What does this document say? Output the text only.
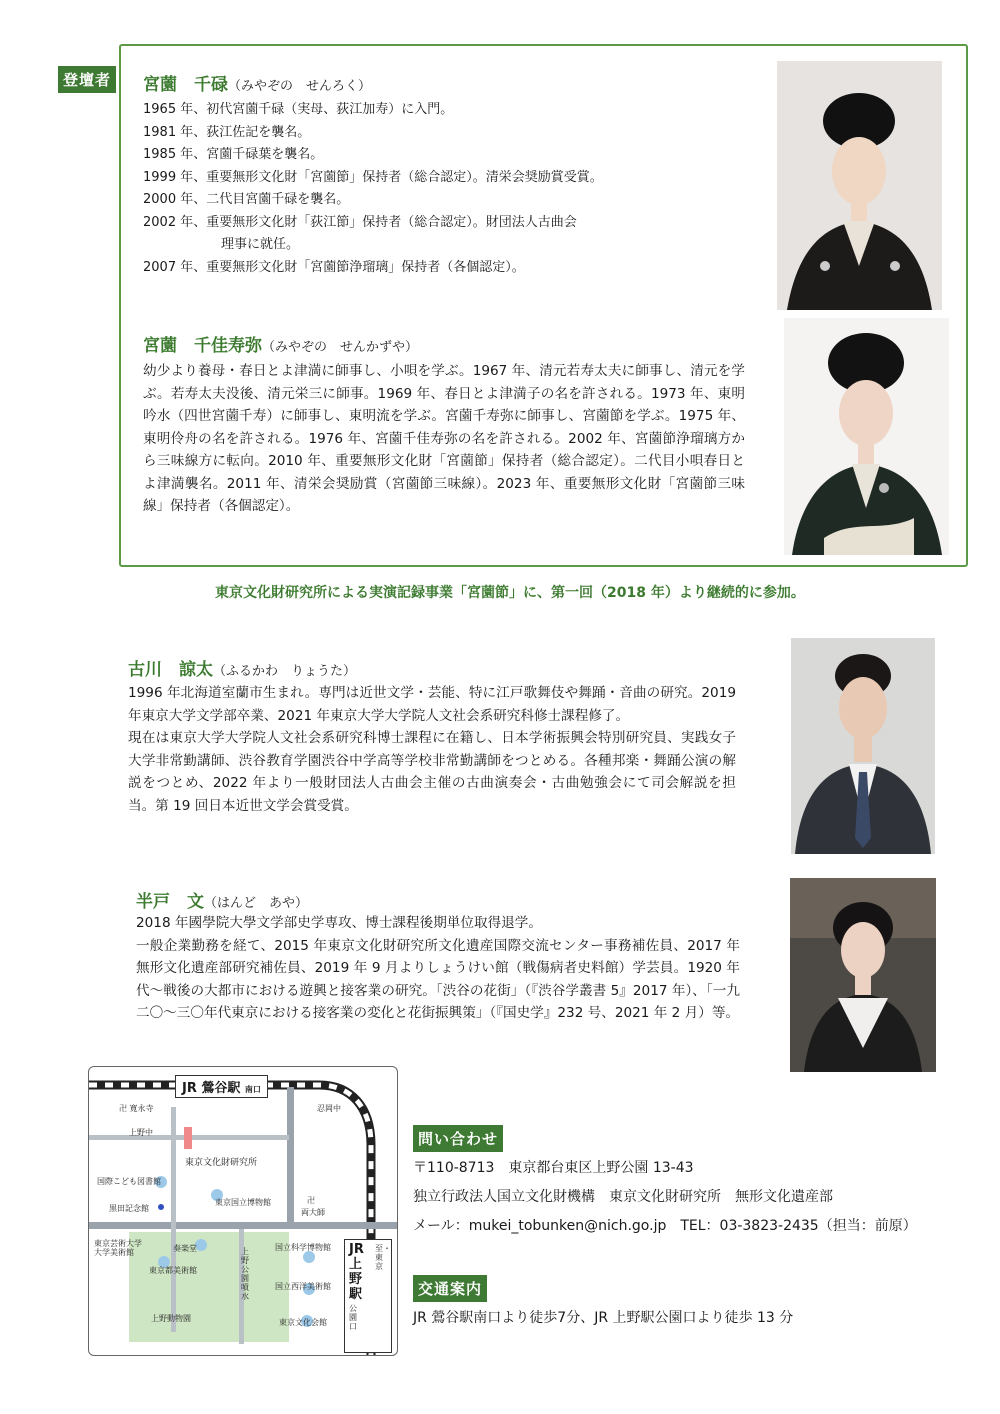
登壇者 宮薗　千碌（みやぞの　せんろく）
1965 年、初代宮薗千碌（実母、荻江加寿）に入門。
1981 年、荻江佐記を襲名。
1985 年、宮薗千碌葉を襲名。
1999 年、重要無形文化財「宮薗節」保持者（総合認定）。清栄会奨励賞受賞。
2000 年、二代目宮薗千碌を襲名。
2002 年、重要無形文化財「荻江節」保持者（総合認定）。財団法人古曲会
理事に就任。
2007 年、重要無形文化財「宮薗節浄瑠璃」保持者（各個認定）。
宮薗　千佳寿弥（みやぞの　せんかずや）
幼少より養母・春日とよ津満に師事し、小唄を学ぶ。1967 年、清元若寿太夫に師事し、清元を学ぶ。若寿太夫没後、清元栄三に師事。1969 年、春日とよ津満子の名を許される。1973 年、東明吟水（四世宮薗千寿）に師事し、東明流を学ぶ。宮薗千寿弥に師事し、宮薗節を学ぶ。1975 年、東明伶舟の名を許される。1976 年、宮薗千佳寿弥の名を許される。2002 年、宮薗節浄瑠璃方から三味線方に転向。2010 年、重要無形文化財「宮薗節」保持者（総合認定）。二代目小唄春日とよ津満襲名。2011 年、清栄会奨励賞（宮薗節三味線）。2023 年、重要無形文化財「宮薗節三味線」保持者（各個認定）。
東京文化財研究所による実演記録事業「宮薗節」に、第一回（2018 年）より継続的に参加。
古川　諒太（ふるかわ　りょうた）
1996 年北海道室蘭市生まれ。専門は近世文学・芸能、特に江戸歌舞伎や舞踊・音曲の研究。2019 年東京大学文学部卒業、2021 年東京大学大学院人文社会系研究科修士課程修了。
現在は東京大学大学院人文社会系研究科博士課程に在籍し、日本学術振興会特別研究員、実践女子大学非常勤講師、渋谷教育学園渋谷中学高等学校非常勤講師をつとめる。各種邦楽・舞踊公演の解説をつとめ、2022 年より一般財団法人古曲会主催の古曲演奏会・古曲勉強会にて司会解説を担当。第 19 回日本近世文学会賞受賞。
半戸　文（はんど　あや）
2018 年國學院大學文学部史学専攻、博士課程後期単位取得退学。
一般企業勤務を経て、2015 年東京文化財研究所文化遺産国際交流センター事務補佐員、2017 年無形文化遺産部研究補佐員、2019 年 9 月よりしょうけい館（戦傷病者史料館）学芸員。1920 年代～戦後の大都市における遊興と接客業の研究。「渋谷の花街」（『渋谷学叢書 5』2017 年）、「一九二〇～三〇年代東京における接客業の変化と花街振興策」（『国史学』232 号、2021 年 2 月）等。
JR 鶯谷駅 南口
卍 寛永寺	忍岡中
上野中
東京文化財研究所
国際こども図書館
黒田記念館
東京国立博物館	卍
両大師
東京芸術大学
大学美術館	奏楽堂
東京都美術館
上野公園噴水
国立科学博物館
国立西洋美術館
東京文化会館
上野動物園
JR上野駅
公園口
至・東京
問い合わせ
〒110-8713　東京都台東区上野公園 13-43
独立行政法人国立文化財機構　東京文化財研究所　無形文化遺産部
メール：mukei_tobunken@nich.go.jp　TEL：03-3823-2435（担当：前原）
交通案内
JR 鶯谷駅南口より徒歩7分、JR 上野駅公園口より徒歩 13 分
